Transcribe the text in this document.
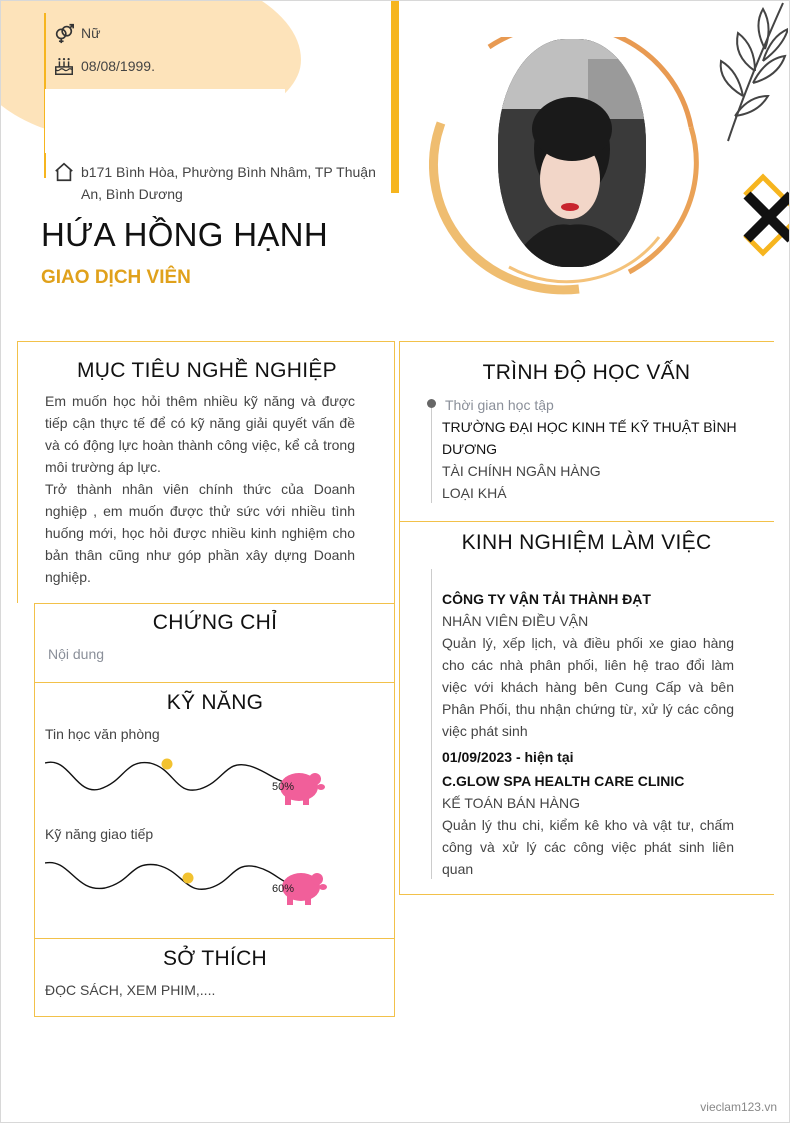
Nữ
08/08/1999.
b171 Bình Hòa, Phường Bình Nhâm, TP Thuận An, Bình Dương
HỨA HỒNG HẠNH
GIAO DỊCH VIÊN
MỤC TIÊU NGHỀ NGHIỆP

Em muốn học hỏi thêm nhiều kỹ năng và được tiếp cận thực tế để có kỹ năng giải quyết vấn đề và có động lực hoàn thành công việc, kể cả trong môi trường áp lực.

Trở thành nhân viên chính thức của Doanh nghiệp , em muốn được thử sức với nhiều tình huống mới, học hỏi được nhiều kinh nghiệm cho bản thân cũng như góp phần xây dựng Doanh nghiệp.

CHỨNG CHỈ
Nội dung
KỸ NĂNG
Tin học văn phòng
50%
Kỹ năng giao tiếp
60%
SỞ THÍCH
ĐỌC SÁCH, XEM PHIM,....
TRÌNH ĐỘ HỌC VẤN
Thời gian học tập
TRƯỜNG ĐẠI HỌC KINH TẾ KỸ THUẬT BÌNH DƯƠNG
TÀI CHÍNH NGÂN HÀNG
LOẠI KHÁ
KINH NGHIỆM LÀM VIỆC
CÔNG TY VẬN TẢI THÀNH ĐẠT
NHÂN VIÊN ĐIỀU VẬN
Quản lý, xếp lịch, và điều phối xe giao hàng cho các nhà phân phối, liên hệ trao đổi làm việc với khách hàng bên Cung Cấp và bên Phân Phối, thu nhận chứng từ, xử lý các công việc phát sinh
01/09/2023 - hiện tại
C.GLOW SPA HEALTH CARE CLINIC
KẾ TOÁN BÁN HÀNG
Quản lý thu chi, kiểm kê kho và vật tư, chấm công và xử lý các công việc phát sinh liên quan
vieclam123.vn
